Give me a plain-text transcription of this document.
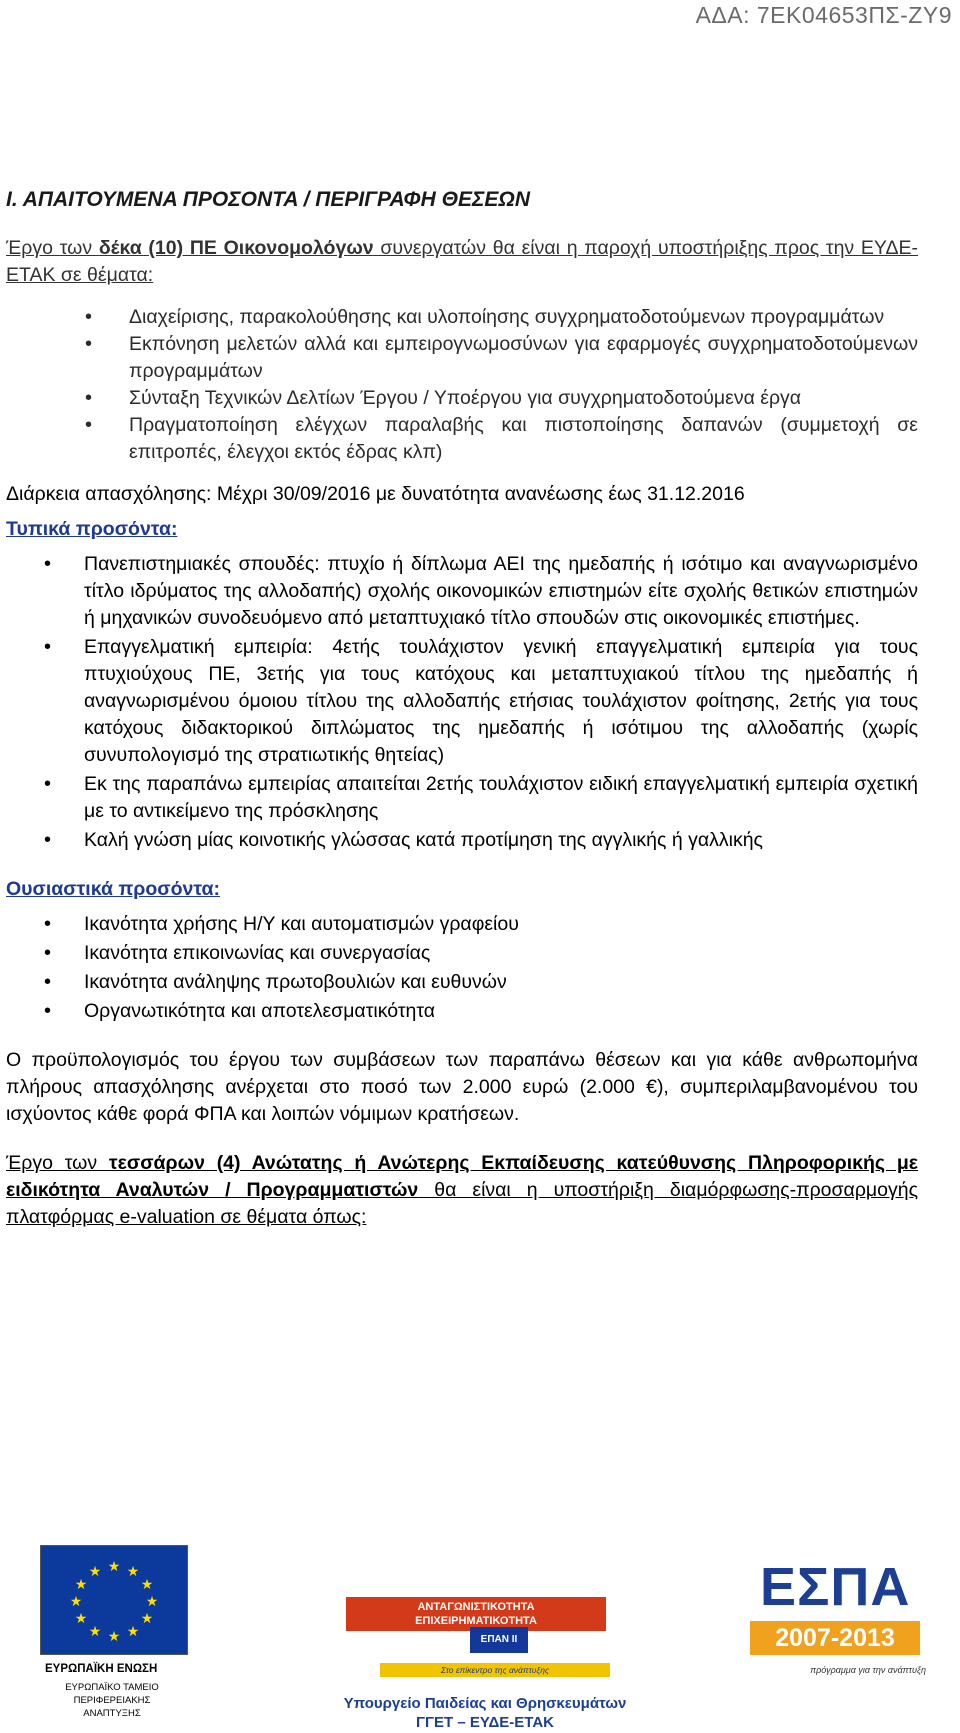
ΑΔΑ: 7ΕΚ04653ΠΣ-ΖΥ9

Ι. ΑΠΑΙΤΟΥΜΕΝΑ ΠΡΟΣΟΝΤΑ / ΠΕΡΙΓΡΑΦΗ ΘΕΣΕΩΝ

Έργο των δέκα (10) ΠΕ Οικονομολόγων συνεργατών θα είναι η παροχή υποστήριξης προς την ΕΥΔΕ-ΕΤΑΚ σε θέματα:

• Διαχείρισης, παρακολούθησης και υλοποίησης συγχρηματοδοτούμενων προγραμμάτων
• Εκπόνηση μελετών αλλά και εμπειρογνωμοσύνων για εφαρμογές συγχρηματοδοτούμενων προγραμμάτων
• Σύνταξη Τεχνικών Δελτίων Έργου / Υποέργου για συγχρηματοδοτούμενα έργα
• Πραγματοποίηση ελέγχων παραλαβής και πιστοποίησης δαπανών (συμμετοχή σε επιτροπές, έλεγχοι εκτός έδρας κλπ)

Διάρκεια απασχόλησης: Μέχρι 30/09/2016 με δυνατότητα ανανέωσης έως 31.12.2016

Τυπικά προσόντα:

• Πανεπιστημιακές σπουδές: πτυχίο ή δίπλωμα ΑΕΙ της ημεδαπής ή ισότιμο και αναγνωρισμένο τίτλο ιδρύματος της αλλοδαπής) σχολής οικονομικών επιστημών είτε σχολής θετικών επιστημών ή μηχανικών συνοδευόμενο από μεταπτυχιακό τίτλο σπουδών στις οικονομικές επιστήμες.
• Επαγγελματική εμπειρία: 4ετής τουλάχιστον γενική επαγγελματική εμπειρία για τους πτυχιούχους ΠΕ, 3ετής για τους κατόχους και μεταπτυχιακού τίτλου της ημεδαπής ή αναγνωρισμένου όμοιου τίτλου της αλλοδαπής ετήσιας τουλάχιστον φοίτησης, 2ετής για τους κατόχους διδακτορικού διπλώματος της ημεδαπής ή ισότιμου της αλλοδαπής (χωρίς συνυπολογισμό της στρατιωτικής θητείας)
• Εκ της παραπάνω εμπειρίας απαιτείται 2ετής τουλάχιστον ειδική επαγγελματική εμπειρία σχετική με το αντικείμενο της πρόσκλησης
• Καλή γνώση μίας κοινοτικής γλώσσας κατά προτίμηση της αγγλικής ή γαλλικής

Ουσιαστικά προσόντα:

• Ικανότητα χρήσης Η/Υ και αυτοματισμών γραφείου
• Ικανότητα επικοινωνίας και συνεργασίας
• Ικανότητα ανάληψης πρωτοβουλιών και ευθυνών
• Οργανωτικότητα και αποτελεσματικότητα

Ο προϋπολογισμός του έργου των συμβάσεων των παραπάνω θέσεων και για κάθε ανθρωπομήνα πλήρους απασχόλησης ανέρχεται στο ποσό των 2.000 ευρώ (2.000 €), συμπεριλαμβανομένου του ισχύοντος κάθε φορά ΦΠΑ και λοιπών νόμιμων κρατήσεων.

Έργο των τεσσάρων (4) Ανώτατης ή Ανώτερης Εκπαίδευσης κατεύθυνσης Πληροφορικής με ειδικότητα Αναλυτών / Προγραμματιστών θα είναι η υποστήριξη διαμόρφωσης-προσαρμογής πλατφόρμας e-valuation σε θέματα όπως:

★ ★
★
★
★
★
★
★
★
★
★
★
ΕΥΡΩΠΑΪΚΗ ΕΝΩΣΗ
ΕΥΡΩΠΑΪΚΟ ΤΑΜΕΙΟ
ΠΕΡΙΦΕΡΕΙΑΚΗΣ ΑΝΑΠΤΥΞΗΣ
ΑΝΤΑΓΩΝΙΣΤΙΚΟΤΗΤΑ
ΕΠΙΧΕΙΡΗΜΑΤΙΚΟΤΗΤΑ
ΕΠΑΝ ΙΙ
Στο επίκεντρο της ανάπτυξης
ΕΣΠΑ
2007-2013
πρόγραμμα για την ανάπτυξη
Υπουργείο Παιδείας και Θρησκευμάτων
ΓΓΕΤ – ΕΥΔΕ-ΕΤΑΚ
